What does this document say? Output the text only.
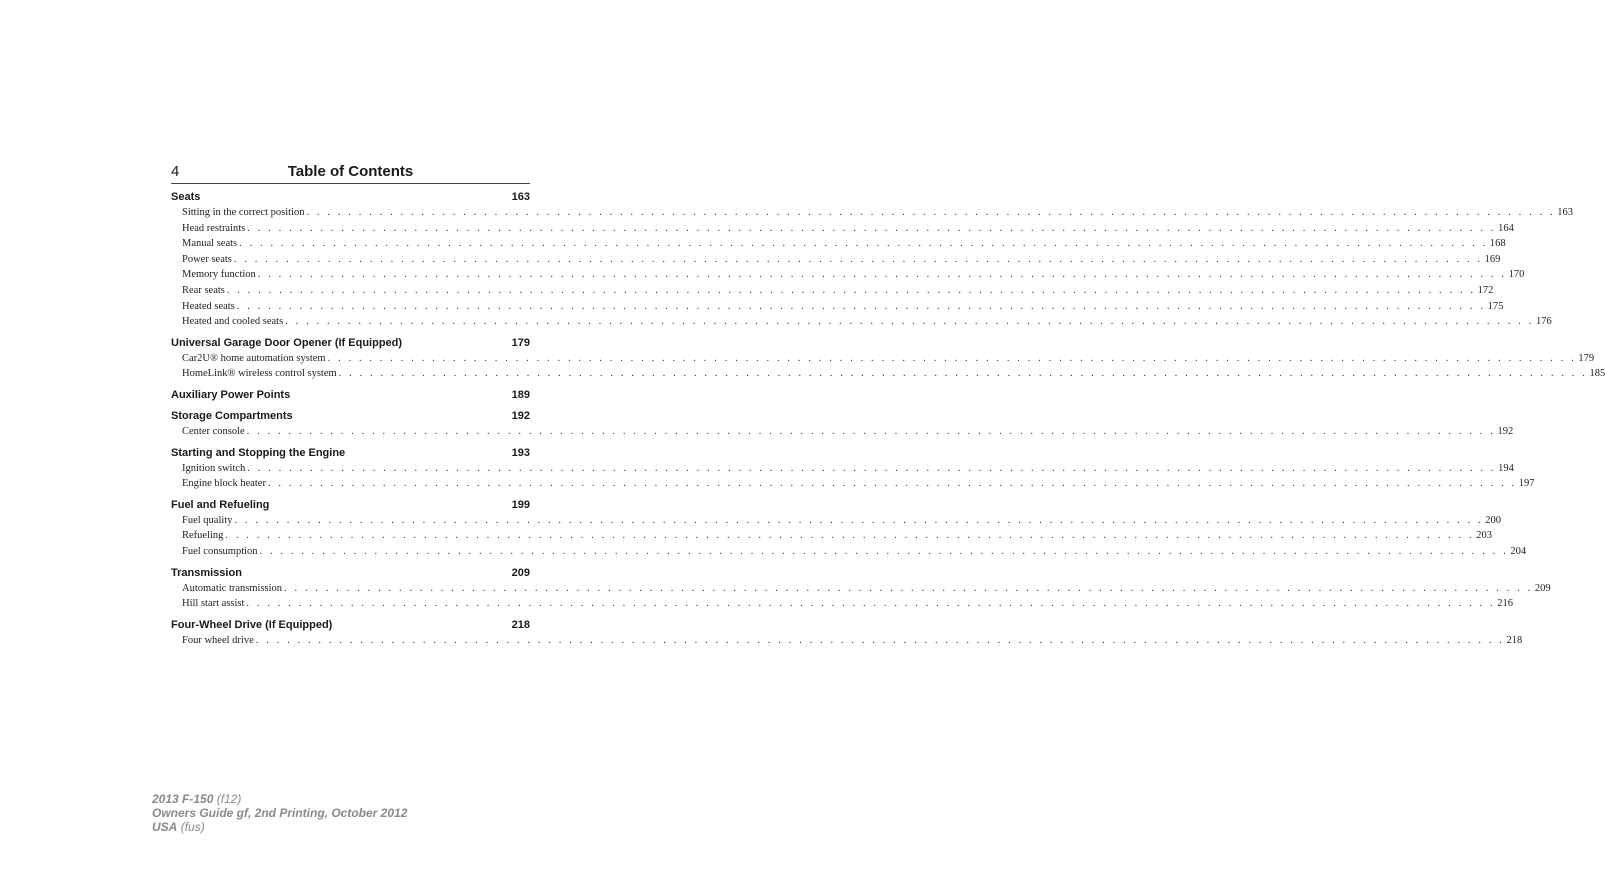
4	Table of Contents
Seats	163
Sitting in the correct position . . . . . . . . . . . . . . . . . . . . . . . . . . . . . . . . . . . . . . . . . . . . . . . . . . . . . . . . . . . . . . . . . . . . . . . . . . . . . . . . . . . . . . . . . . . . . . . . . . . . . . . . . . . . . . . . . . . . . . . . 163
Head restraints . . . . . . . . . . . . . . . . . . . . . . . . . . . . . . . . . . . . . . . . . . . . . . . . . . . . . . . . . . . . . . . . . . . . . . . . . . . . . . . . . . . . . . . . . . . . . . . . . . . . . . . . . . . . . . . . . . . . . . . . 164
Manual seats . . . . . . . . . . . . . . . . . . . . . . . . . . . . . . . . . . . . . . . . . . . . . . . . . . . . . . . . . . . . . . . . . . . . . . . . . . . . . . . . . . . . . . . . . . . . . . . . . . . . . . . . . . . . . . . . . . . . . . . . 168
Power seats . . . . . . . . . . . . . . . . . . . . . . . . . . . . . . . . . . . . . . . . . . . . . . . . . . . . . . . . . . . . . . . . . . . . . . . . . . . . . . . . . . . . . . . . . . . . . . . . . . . . . . . . . . . . . . . . . . . . . . . . 169
Memory function . . . . . . . . . . . . . . . . . . . . . . . . . . . . . . . . . . . . . . . . . . . . . . . . . . . . . . . . . . . . . . . . . . . . . . . . . . . . . . . . . . . . . . . . . . . . . . . . . . . . . . . . . . . . . . . . . . . . . . . . 170
Rear seats . . . . . . . . . . . . . . . . . . . . . . . . . . . . . . . . . . . . . . . . . . . . . . . . . . . . . . . . . . . . . . . . . . . . . . . . . . . . . . . . . . . . . . . . . . . . . . . . . . . . . . . . . . . . . . . . . . . . . . . . 172
Heated seats . . . . . . . . . . . . . . . . . . . . . . . . . . . . . . . . . . . . . . . . . . . . . . . . . . . . . . . . . . . . . . . . . . . . . . . . . . . . . . . . . . . . . . . . . . . . . . . . . . . . . . . . . . . . . . . . . . . . . . . . 175
Heated and cooled seats . . . . . . . . . . . . . . . . . . . . . . . . . . . . . . . . . . . . . . . . . . . . . . . . . . . . . . . . . . . . . . . . . . . . . . . . . . . . . . . . . . . . . . . . . . . . . . . . . . . . . . . . . . . . . . . . . . . . . . . . 176
Universal Garage Door Opener (If Equipped)	179
Car2U® home automation system . . . . . . . . . . . . . . . . . . . . . . . . . . . . . . . . . . . . . . . . . . . . . . . . . . . . . . . . . . . . . . . . . . . . . . . . . . . . . . . . . . . . . . . . . . . . . . . . . . . . . . . . . . . . . . . . . . . . . . . . 179
HomeLink® wireless control system . . . . . . . . . . . . . . . . . . . . . . . . . . . . . . . . . . . . . . . . . . . . . . . . . . . . . . . . . . . . . . . . . . . . . . . . . . . . . . . . . . . . . . . . . . . . . . . . . . . . . . . . . . . . . . . . . . . . . . . . 185
Auxiliary Power Points	189
Storage Compartments	192
Center console . . . . . . . . . . . . . . . . . . . . . . . . . . . . . . . . . . . . . . . . . . . . . . . . . . . . . . . . . . . . . . . . . . . . . . . . . . . . . . . . . . . . . . . . . . . . . . . . . . . . . . . . . . . . . . . . . . . . . . . . 192
Starting and Stopping the Engine	193
Ignition switch . . . . . . . . . . . . . . . . . . . . . . . . . . . . . . . . . . . . . . . . . . . . . . . . . . . . . . . . . . . . . . . . . . . . . . . . . . . . . . . . . . . . . . . . . . . . . . . . . . . . . . . . . . . . . . . . . . . . . . . . 194
Engine block heater . . . . . . . . . . . . . . . . . . . . . . . . . . . . . . . . . . . . . . . . . . . . . . . . . . . . . . . . . . . . . . . . . . . . . . . . . . . . . . . . . . . . . . . . . . . . . . . . . . . . . . . . . . . . . . . . . . . . . . . . 197
Fuel and Refueling	199
Fuel quality . . . . . . . . . . . . . . . . . . . . . . . . . . . . . . . . . . . . . . . . . . . . . . . . . . . . . . . . . . . . . . . . . . . . . . . . . . . . . . . . . . . . . . . . . . . . . . . . . . . . . . . . . . . . . . . . . . . . . . . . 200
Refueling . . . . . . . . . . . . . . . . . . . . . . . . . . . . . . . . . . . . . . . . . . . . . . . . . . . . . . . . . . . . . . . . . . . . . . . . . . . . . . . . . . . . . . . . . . . . . . . . . . . . . . . . . . . . . . . . . . . . . . . . 203
Fuel consumption . . . . . . . . . . . . . . . . . . . . . . . . . . . . . . . . . . . . . . . . . . . . . . . . . . . . . . . . . . . . . . . . . . . . . . . . . . . . . . . . . . . . . . . . . . . . . . . . . . . . . . . . . . . . . . . . . . . . . . . . 204
Transmission	209
Automatic transmission . . . . . . . . . . . . . . . . . . . . . . . . . . . . . . . . . . . . . . . . . . . . . . . . . . . . . . . . . . . . . . . . . . . . . . . . . . . . . . . . . . . . . . . . . . . . . . . . . . . . . . . . . . . . . . . . . . . . . . . . 209
Hill start assist . . . . . . . . . . . . . . . . . . . . . . . . . . . . . . . . . . . . . . . . . . . . . . . . . . . . . . . . . . . . . . . . . . . . . . . . . . . . . . . . . . . . . . . . . . . . . . . . . . . . . . . . . . . . . . . . . . . . . . . . 216
Four-Wheel Drive (If Equipped)	218
Four wheel drive . . . . . . . . . . . . . . . . . . . . . . . . . . . . . . . . . . . . . . . . . . . . . . . . . . . . . . . . . . . . . . . . . . . . . . . . . . . . . . . . . . . . . . . . . . . . . . . . . . . . . . . . . . . . . . . . . . . . . . . . 218
2013 F-150 (f12)
Owners Guide gf, 2nd Printing, October 2012
USA (fus)
